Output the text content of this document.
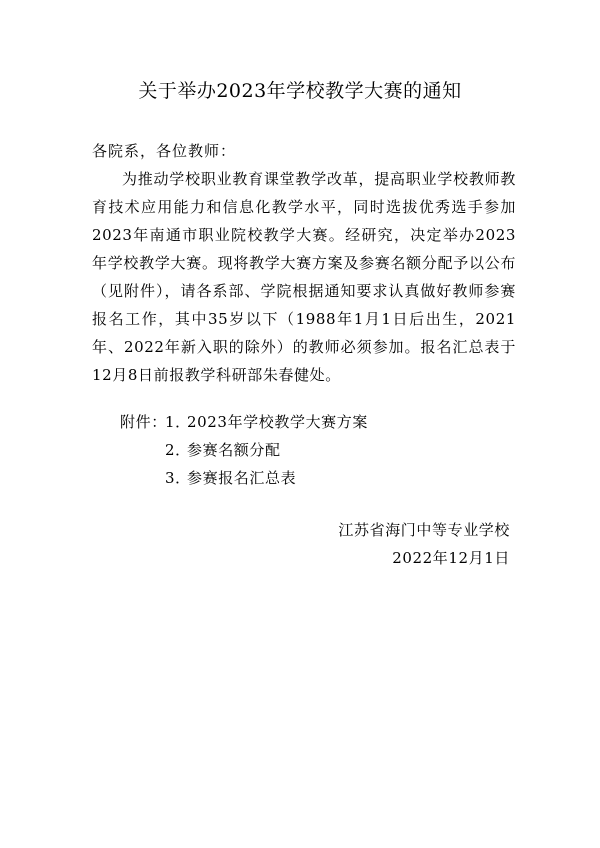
关于举办2023年学校教学大赛的通知
各院系，各位教师：
为推动学校职业教育课堂教学改革，提高职业学校教师教育技术应用能力和信息化教学水平，同时选拔优秀选手参加2023年南通市职业院校教学大赛。经研究，决定举办2023年学校教学大赛。现将教学大赛方案及参赛名额分配予以公布（见附件），请各系部、学院根据通知要求认真做好教师参赛报名工作，其中35岁以下（1988年1月1日后出生，2021年、2022年新入职的除外）的教师必须参加。报名汇总表于12月8日前报教学科研部朱春健处。
附件：
1．
2023年学校教学大赛方案
2．
参赛名额分配
3．
参赛报名汇总表
江苏省海门中等专业学校
2022年12月1日
